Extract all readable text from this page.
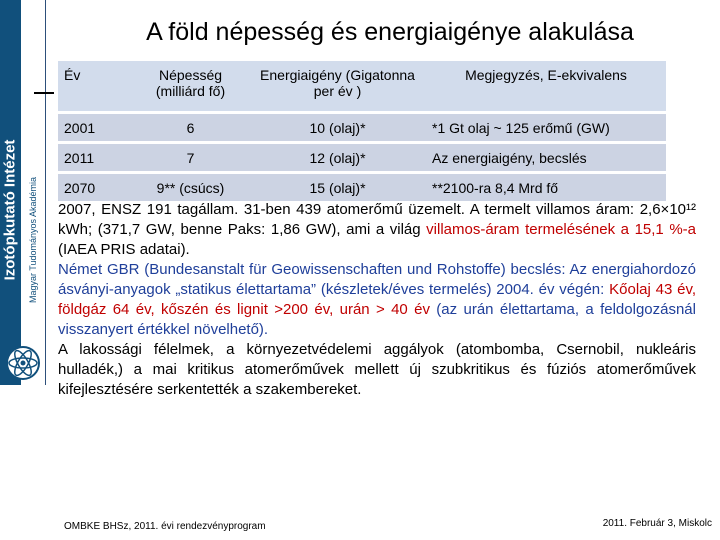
Izotópkutató Intézet Magyar Tudományos Akadémia
A föld népesség és energiaigénye alakulása
Év	Népesség (milliárd fő)	Energiaigény (Gigatonna per év )	Megjegyzés, E-ekvivalens
2001	6	10 (olaj)*	*1 Gt olaj ~ 125 erőmű (GW)
2011	7	12 (olaj)*	Az energiaigény, becslés
2070	9** (csúcs)	15 (olaj)*	**2100-ra 8,4 Mrd fő

2007, ENSZ 191 tagállam. 31-ben 439 atomerőmű üzemelt. A termelt villamos áram: 2,6×10¹² kWh; (371,7 GW, benne Paks: 1,86 GW), ami a világ villamos-áram termelésének a 15,1 %-a (IAEA PRIS adatai).

Német GBR (Bundesanstalt für Geowissenschaften und Rohstoffe) becslés: Az energiahordozó ásványi-anyagok „statikus élettartama” (készletek/éves termelés) 2004. év végén: Kőolaj 43 év, földgáz 64 év, kőszén és lignit >200 év, urán > 40 év (az urán élettartama, a feldolgozásnál visszanyert értékkel növelhető).

A lakossági félelmek, a környezetvédelemi aggályok (atombomba, Csernobil, nukleáris hulladék,) a mai kritikus atomerőművek mellett új szubkritikus és fúziós atomerőművek kifejlesztésére serkentették a szakembereket.

OMBKE BHSz, 2011. évi rendezvényprogram	2011. Február 3, Miskolc
